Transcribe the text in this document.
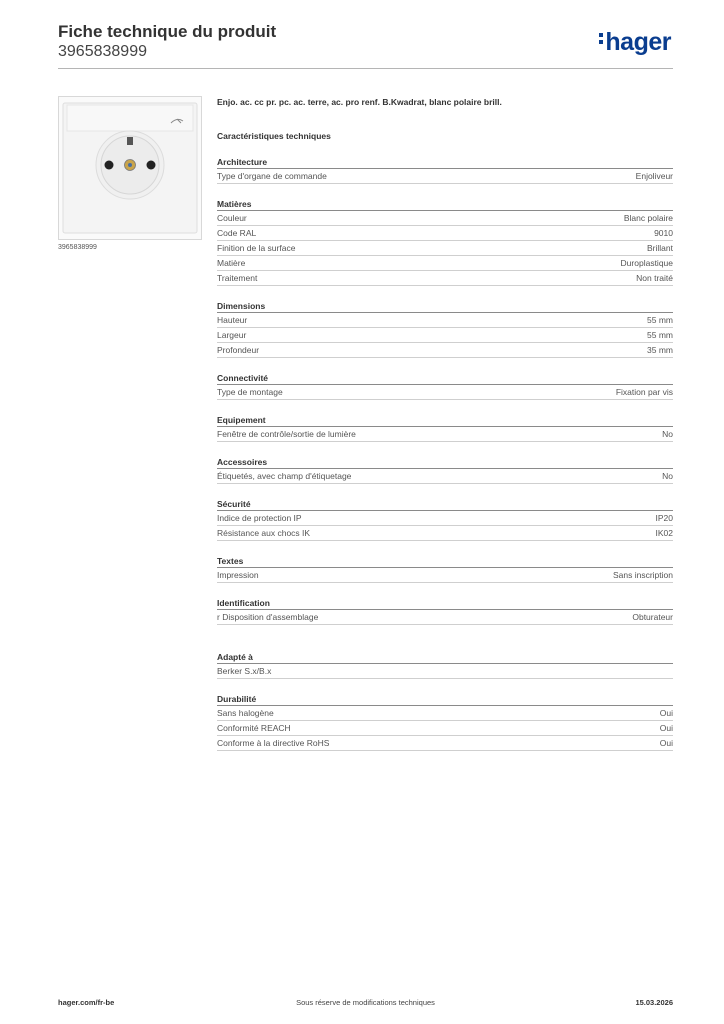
Fiche technique du produit
3965838999	hager
3965838999
Enjo. ac. cc pr. pc. ac. terre, ac. pro renf. B.Kwadrat, blanc polaire brill.
Caractéristiques techniques
Architecture
Type d'organe de commande	Enjoliveur
Matières
Couleur	Blanc polaire
Code RAL	9010
Finition de la surface	Brillant
Matière	Duroplastique
Traitement	Non traité
Dimensions
Hauteur	55 mm
Largeur	55 mm
Profondeur	35 mm
Connectivité
Type de montage	Fixation par vis
Equipement
Fenêtre de contrôle/sortie de lumière	No
Accessoires
Étiquetés, avec champ d'étiquetage	No
Sécurité
Indice de protection IP	IP20
Résistance aux chocs IK	IK02
Textes
Impression	Sans inscription
Identification
r Disposition d'assemblage	Obturateur
Adapté à
Berker S.x/B.x
Durabilité
Sans halogène	Oui
Conformité REACH	Oui
Conforme à la directive RoHS	Oui
hager.com/fr-be	Sous réserve de modifications techniques	15.03.2026
